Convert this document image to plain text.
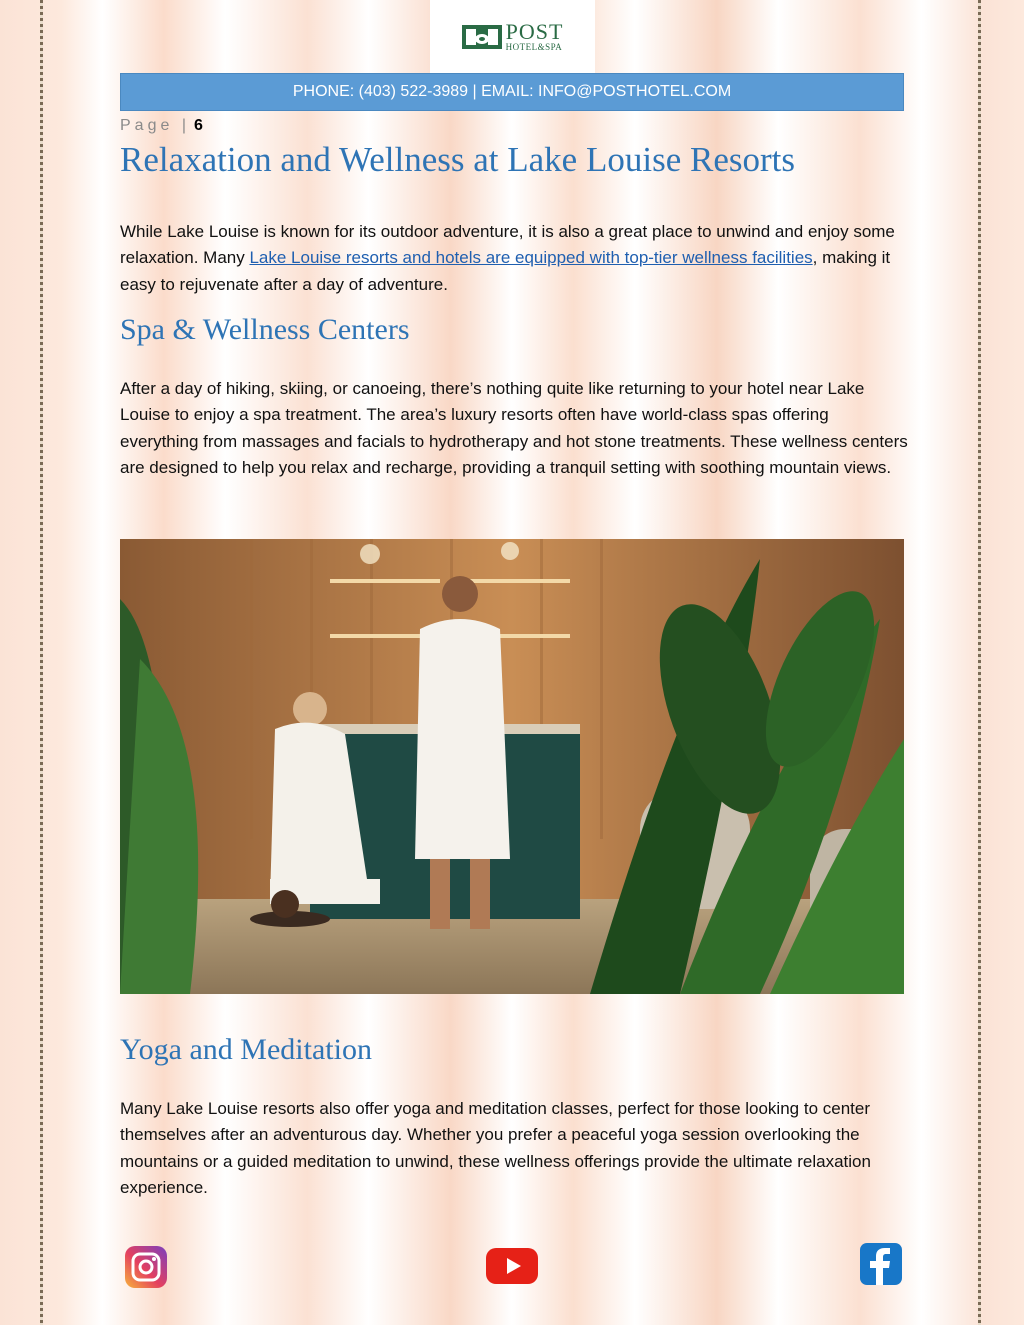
POST
HOTEL&SPA
PHONE: (403) 522-3989 | EMAIL: INFO@POSTHOTEL.COM
Page | 6
Relaxation and Wellness at Lake Louise Resorts

While Lake Louise is known for its outdoor adventure, it is also a great place to unwind and enjoy some relaxation. Many Lake Louise resorts and hotels are equipped with top-tier wellness facilities, making it easy to rejuvenate after a day of adventure.

Spa & Wellness Centers

After a day of hiking, skiing, or canoeing, there’s nothing quite like returning to your hotel near Lake Louise to enjoy a spa treatment. The area’s luxury resorts often have world-class spas offering everything from massages and facials to hydrotherapy and hot stone treatments. These wellness centers are designed to help you relax and recharge, providing a tranquil setting with soothing mountain views.

Yoga and Meditation

Many Lake Louise resorts also offer yoga and meditation classes, perfect for those looking to center themselves after an adventurous day. Whether you prefer a peaceful yoga session overlooking the mountains or a guided meditation to unwind, these wellness offerings provide the ultimate relaxation experience.
